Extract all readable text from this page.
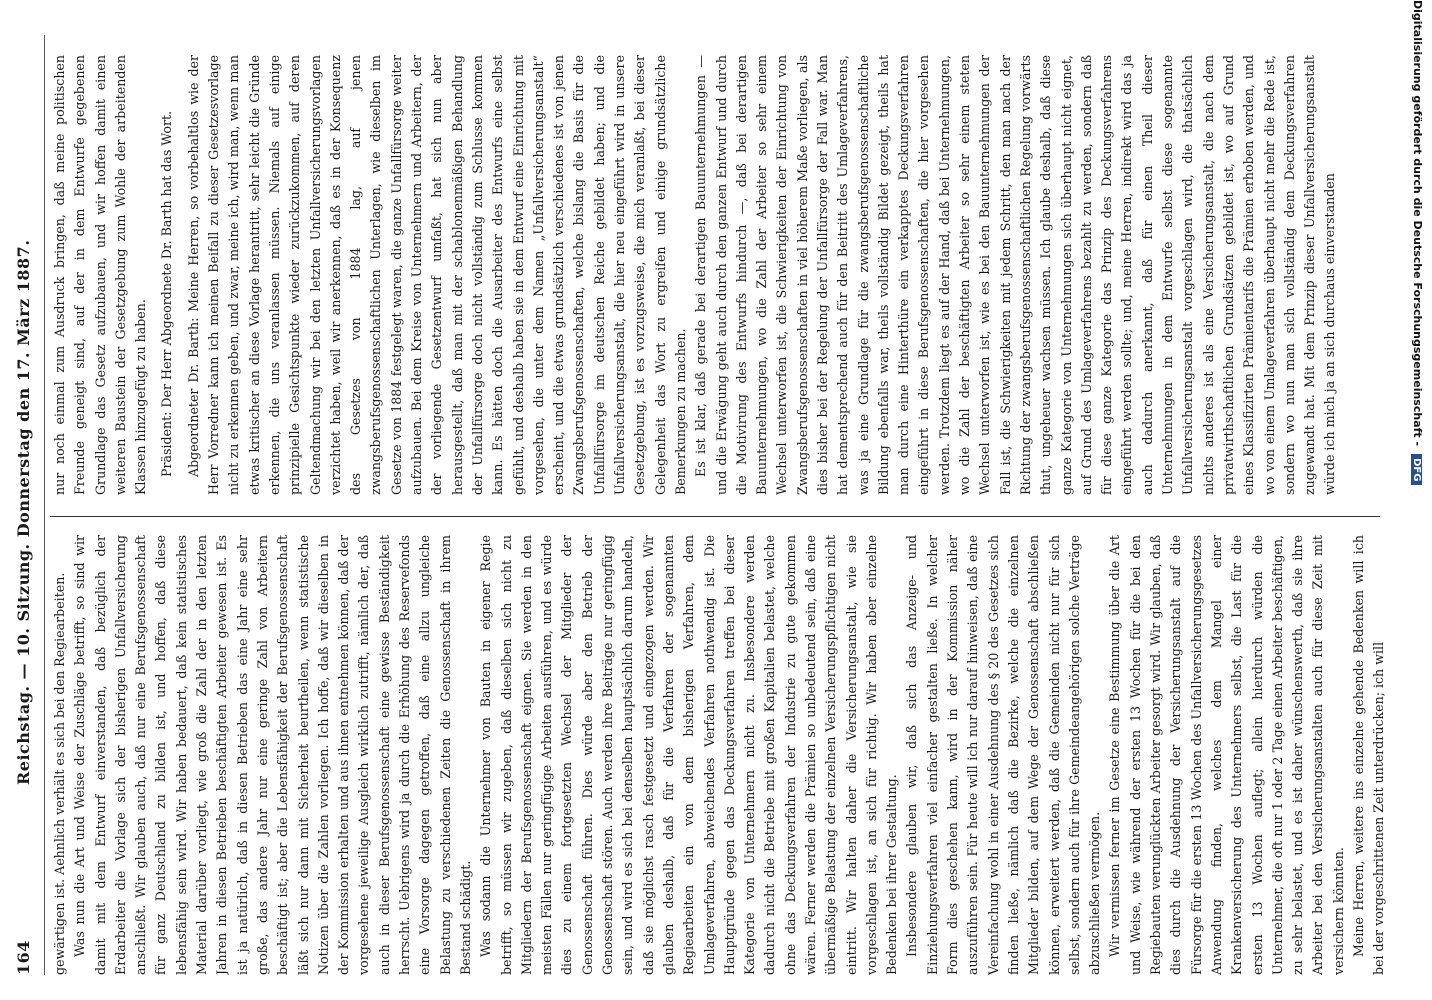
164
Reichstag. — 10. Sitzung. Donnerstag den 17. März 1887. gewärtigen ist. Aehnlich verhält es sich bei den Regiearbeiten. Was nun die Art und Weise der Zuschläge betrifft, so sind wir damit mit dem Entwurf einverstanden, daß bezüglich der Erdarbeiter die Vorlage sich der bisherigen Unfallversicherung anschließt. Wir glauben auch, daß nur eine Berufsgenossenschaft für ganz Deutschland zu bilden ist, und hoffen, daß diese lebensfähig sein wird. Wir haben bedauert, daß kein statistisches Material darüber vorliegt, wie groß die Zahl der in den letzten Jahren in diesen Betrieben beschäftigten Arbeiter gewesen ist. Es ist ja natürlich, daß in diesen Betrieben das eine Jahr eine sehr große, das andere Jahr nur eine geringe Zahl von Arbeitern beschäftigt ist; aber die Lebensfähigkeit der Berufsgenossenschaft läßt sich nur dann mit Sicherheit beurtheilen, wenn statistische Notizen über die Zahlen vorliegen. Ich hoffe, daß wir dieselben in der Kommission erhalten und aus ihnen entnehmen können, daß der vorgesehene jeweilige Ausgleich wirklich zutrifft, nämlich der, daß auch in dieser Berufsgenossenschaft eine gewisse Beständigkeit herrscht. Uebrigens wird ja durch die Erhöhung des Reservefonds eine Vorsorge dagegen getroffen, daß eine allzu ungleiche Belastung zu verschiedenen Zeiten die Genossenschaft in ihrem Bestand schädigt. Was sodann die Unternehmer von Bauten in eigener Regie betrifft, so müssen wir zugeben, daß dieselben sich nicht zu Mitgliedern der Berufsgenossenschaft eignen. Sie werden in den meisten Fällen nur geringfügige Arbeiten ausführen, und es würde dies zu einem fortgesetzten Wechsel der Mitglieder der Genossenschaft führen. Dies würde aber den Betrieb der Genossenschaft stören. Auch werden ihre Beiträge nur geringfügig sein, und wird es sich bei denselben hauptsächlich darum handeln, daß sie möglichst rasch festgesetzt und eingezogen werden. Wir glauben deshalb, daß für die Verfahren der sogenannten Regiearbeiten ein von dem bisherigen Verfahren, dem Umlageverfahren, abweichendes Verfahren nothwendig ist. Die Hauptgründe gegen das Deckungsverfahren treffen bei dieser Kategorie von Unternehmern nicht zu. Insbesondere werden dadurch nicht die Betriebe mit großen Kapitalien belastet, welche ohne das Deckungsverfahren der Industrie zu gute gekommen wären. Ferner werden die Prämien so unbedeutend sein, daß eine übermäßige Belastung der einzelnen Versicherungspflichtigen nicht eintritt. Wir halten daher die Versicherungsanstalt, wie sie vorgeschlagen ist, an sich für richtig. Wir haben aber einzelne Bedenken bei ihrer Gestaltung. Insbesondere glauben wir, daß sich das Anzeige- und Einziehungsverfahren viel einfacher gestalten ließe. In welcher Form dies geschehen kann, wird in der Kommission näher auszuführen sein. Für heute will ich nur darauf hinweisen, daß eine Vereinfachung wohl in einer Ausdehnung des § 20 des Gesetzes sich finden ließe, nämlich daß die Bezirke, welche die einzelnen Mitglieder bilden, auf dem Wege der Genossenschaft abschließen können, erweitert werden, daß die Gemeinden nicht nur für sich selbst, sondern auch für ihre Gemeindeangehörigen solche Verträge abzuschließen vermögen. Wir vermissen ferner im Gesetze eine Bestimmung über die Art und Weise, wie während der ersten 13 Wochen für die bei den Regiebauten verunglückten Arbeiter gesorgt wird. Wir glauben, daß dies durch die Ausdehnung der Versicherungsanstalt auf die Fürsorge für die ersten 13 Wochen des Unfallversicherungsgesetzes Anwendung finden, welches dem Mangel einer Krankenversicherung des Unternehmers selbst, die Last für die ersten 13 Wochen auflegt; allein hierdurch würden die Unternehmer, die oft nur 1 oder 2 Tage einen Arbeiter beschäftigen, zu sehr belastet, und es ist daher wünschenswerth, daß sie ihre Arbeiter bei den Versicherungsanstalten auch für diese Zeit mit versichern könnten. Meine Herren, weitere ins einzelne gehende Bedenken will ich bei der vorgeschrittenen Zeit unterdrücken; ich will

nur noch einmal zum Ausdruck bringen, daß meine politischen Freunde geneigt sind, auf der in dem Entwurfe gegebenen Grundlage das Gesetz aufzubauen, und wir hoffen damit einen weiteren Baustein der Gesetzgebung zum Wohle der arbeitenden Klassen hinzugefügt zu haben. Präsident: Der Herr Abgeordnete Dr. Barth hat das Wort. Abgeordneter Dr. Barth: Meine Herren, so vorbehaltlos wie der Herr Vorredner kann ich meinen Beifall zu dieser Gesetzesvorlage nicht zu erkennen geben, und zwar, meine ich, wird man, wenn man etwas kritischer an diese Vorlage herantritt, sehr leicht die Gründe erkennen, die uns veranlassen müssen. Niemals auf einige prinzipielle Gesichtspunkte wieder zurückzukommen, auf deren Geltendmachung wir bei den letzten Unfallversicherungsvorlagen verzichtet haben, weil wir anerkennen, daß es in der Konsequenz des Gesetzes von 1884 lag, auf jenen zwangsberufsgenossenschaftlichen Unterlagen, wie dieselben im Gesetze von 1884 festgelegt waren, die ganze Unfallfürsorge weiter aufzubauen. Bei dem Kreise von Unternehmern und Arbeitern, der der vorliegende Gesetzentwurf umfaßt, hat sich nun aber herausgestellt, daß man mit der schablonenmäßigen Behandlung der Unfallfürsorge doch nicht vollständig zum Schlusse kommen kann. Es hätten doch die Ausarbeiter des Entwurfs eine selbst gefühlt, und deshalb haben sie in dem Entwurf eine Einrichtung mit vorgesehen, die unter dem Namen „Unfallversicherungsanstalt“ erscheint, und die etwas grundsätzlich verschiedenes ist von jenen Zwangsberufsgenossenschaften, welche bislang die Basis für die Unfallfürsorge im deutschen Reiche gebildet haben; und die Unfallversicherungsanstalt, die hier neu eingeführt wird in unsere Gesetzgebung, ist es vorzugsweise, die mich veranlaßt, bei dieser Gelegenheit das Wort zu ergreifen und einige grundsätzliche Bemerkungen zu machen. Es ist klar, daß gerade bei derartigen Bauunternehmungen — und die Erwägung geht auch durch den ganzen Entwurf und durch die Motivirung des Entwurfs hindurch —, daß bei derartigen Bauunternehmungen, wo die Zahl der Arbeiter so sehr einem Wechsel unterworfen ist, die Schwierigkeiten der Einrichtung von Zwangsberufsgenossenschaften in viel höherem Maße vorliegen, als dies bisher bei der Regelung der Unfallfürsorge der Fall war. Man hat dementsprechend auch für den Beitritt des Umlageverfahrens, was ja eine Grundlage für die zwangsberufsgenossenschaftliche Bildung ebenfalls war, theils vollständig Bildet gezeigt, theils hat man durch eine Hinterthüre ein verkapptes Deckungsverfahren eingeführt in diese Berufsgenossenschaften, die hier vorgesehen werden. Trotzdem liegt es auf der Hand, daß bei Unternehmungen, wo die Zahl der beschäftigten Arbeiter so sehr einem steten Wechsel unterworfen ist, wie es bei den Bauunternehmungen der Fall ist, die Schwierigkeiten mit jedem Schritt, den man nach der Richtung der zwangsberufsgenossenschaftlichen Regelung vorwärts thut, ungeheuer wachsen müssen. Ich glaube deshalb, daß diese ganze Kategorie von Unternehmungen sich überhaupt nicht eignet, auf Grund des Umlageverfahrens bezahlt zu werden, sondern daß für diese ganze Kategorie das Prinzip des Deckungsverfahrens eingeführt werden sollte; und, meine Herren, indirekt wird das ja auch dadurch anerkannt, daß für einen Theil dieser Unternehmungen in dem Entwurfe selbst diese sogenannte Unfallversicherungsanstalt vorgeschlagen wird, die thatsächlich nichts anderes ist als eine Versicherungsanstalt, die nach dem privatwirthschaftlichen Grundsätzen gebildet ist, wo auf Grund eines Klassifizirten Prämientarifs die Prämien erhoben werden, und wo von einem Umlageverfahren überhaupt nicht mehr die Rede ist, sondern wo nun man sich vollständig dem Deckungsverfahren zugewandt hat. Mit dem Prinzip dieser Unfallversicherungsanstalt würde ich mich ja an sich durchaus einverstanden	Digitalisierung gefördert durch die Deutsche Forschungsgemeinschaft -DFG
